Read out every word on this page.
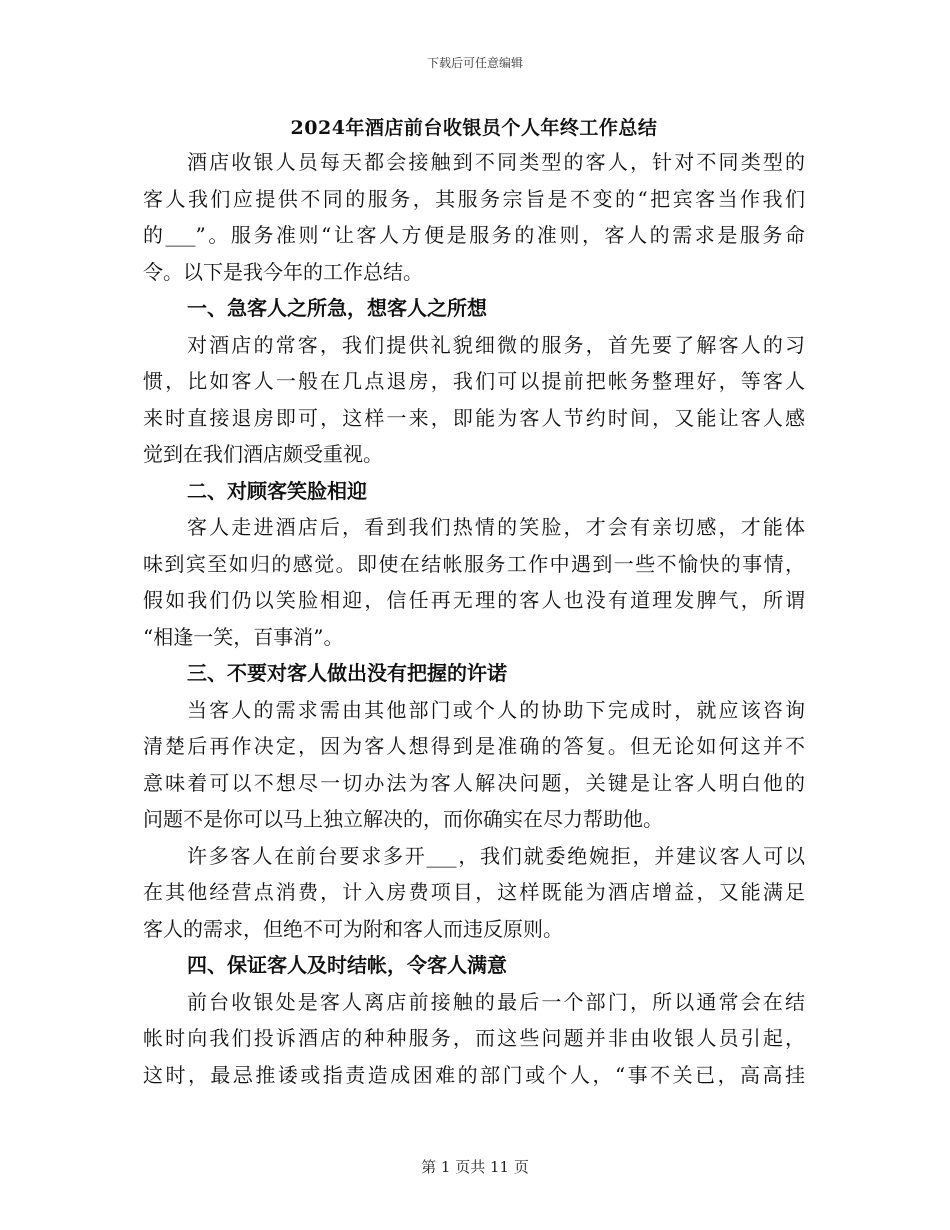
下载后可任意编辑
2024年酒店前台收银员个人年终工作总结
酒店收银人员每天都会接触到不同类型的客人，针对不同类型的
客人我们应提供不同的服务，其服务宗旨是不变的“把宾客当作我们
的___”。服务准则“让客人方便是服务的准则，客人的需求是服务命
令。以下是我今年的工作总结。
一、急客人之所急，想客人之所想
对酒店的常客，我们提供礼貌细微的服务，首先要了解客人的习
惯，比如客人一般在几点退房，我们可以提前把帐务整理好，等客人
来时直接退房即可，这样一来，即能为客人节约时间，又能让客人感
觉到在我们酒店颇受重视。
二、对顾客笑脸相迎
客人走进酒店后，看到我们热情的笑脸，才会有亲切感，才能体
味到宾至如归的感觉。即使在结帐服务工作中遇到一些不愉快的事情，
假如我们仍以笑脸相迎，信任再无理的客人也没有道理发脾气，所谓
“相逢一笑，百事消”。
三、不要对客人做出没有把握的许诺
当客人的需求需由其他部门或个人的协助下完成时，就应该咨询
清楚后再作决定，因为客人想得到是准确的答复。但无论如何这并不
意味着可以不想尽一切办法为客人解决问题，关键是让客人明白他的
问题不是你可以马上独立解决的，而你确实在尽力帮助他。
许多客人在前台要求多开___，我们就委绝婉拒，并建议客人可以
在其他经营点消费，计入房费项目，这样既能为酒店增益，又能满足
客人的需求，但绝不可为附和客人而违反原则。
四、保证客人及时结帐，令客人满意
前台收银处是客人离店前接触的最后一个部门，所以通常会在结
帐时向我们投诉酒店的种种服务，而这些问题并非由收银人员引起，
这时，最忌推诿或指责造成困难的部门或个人，“事不关已，高高挂
第 1 页共 11 页
